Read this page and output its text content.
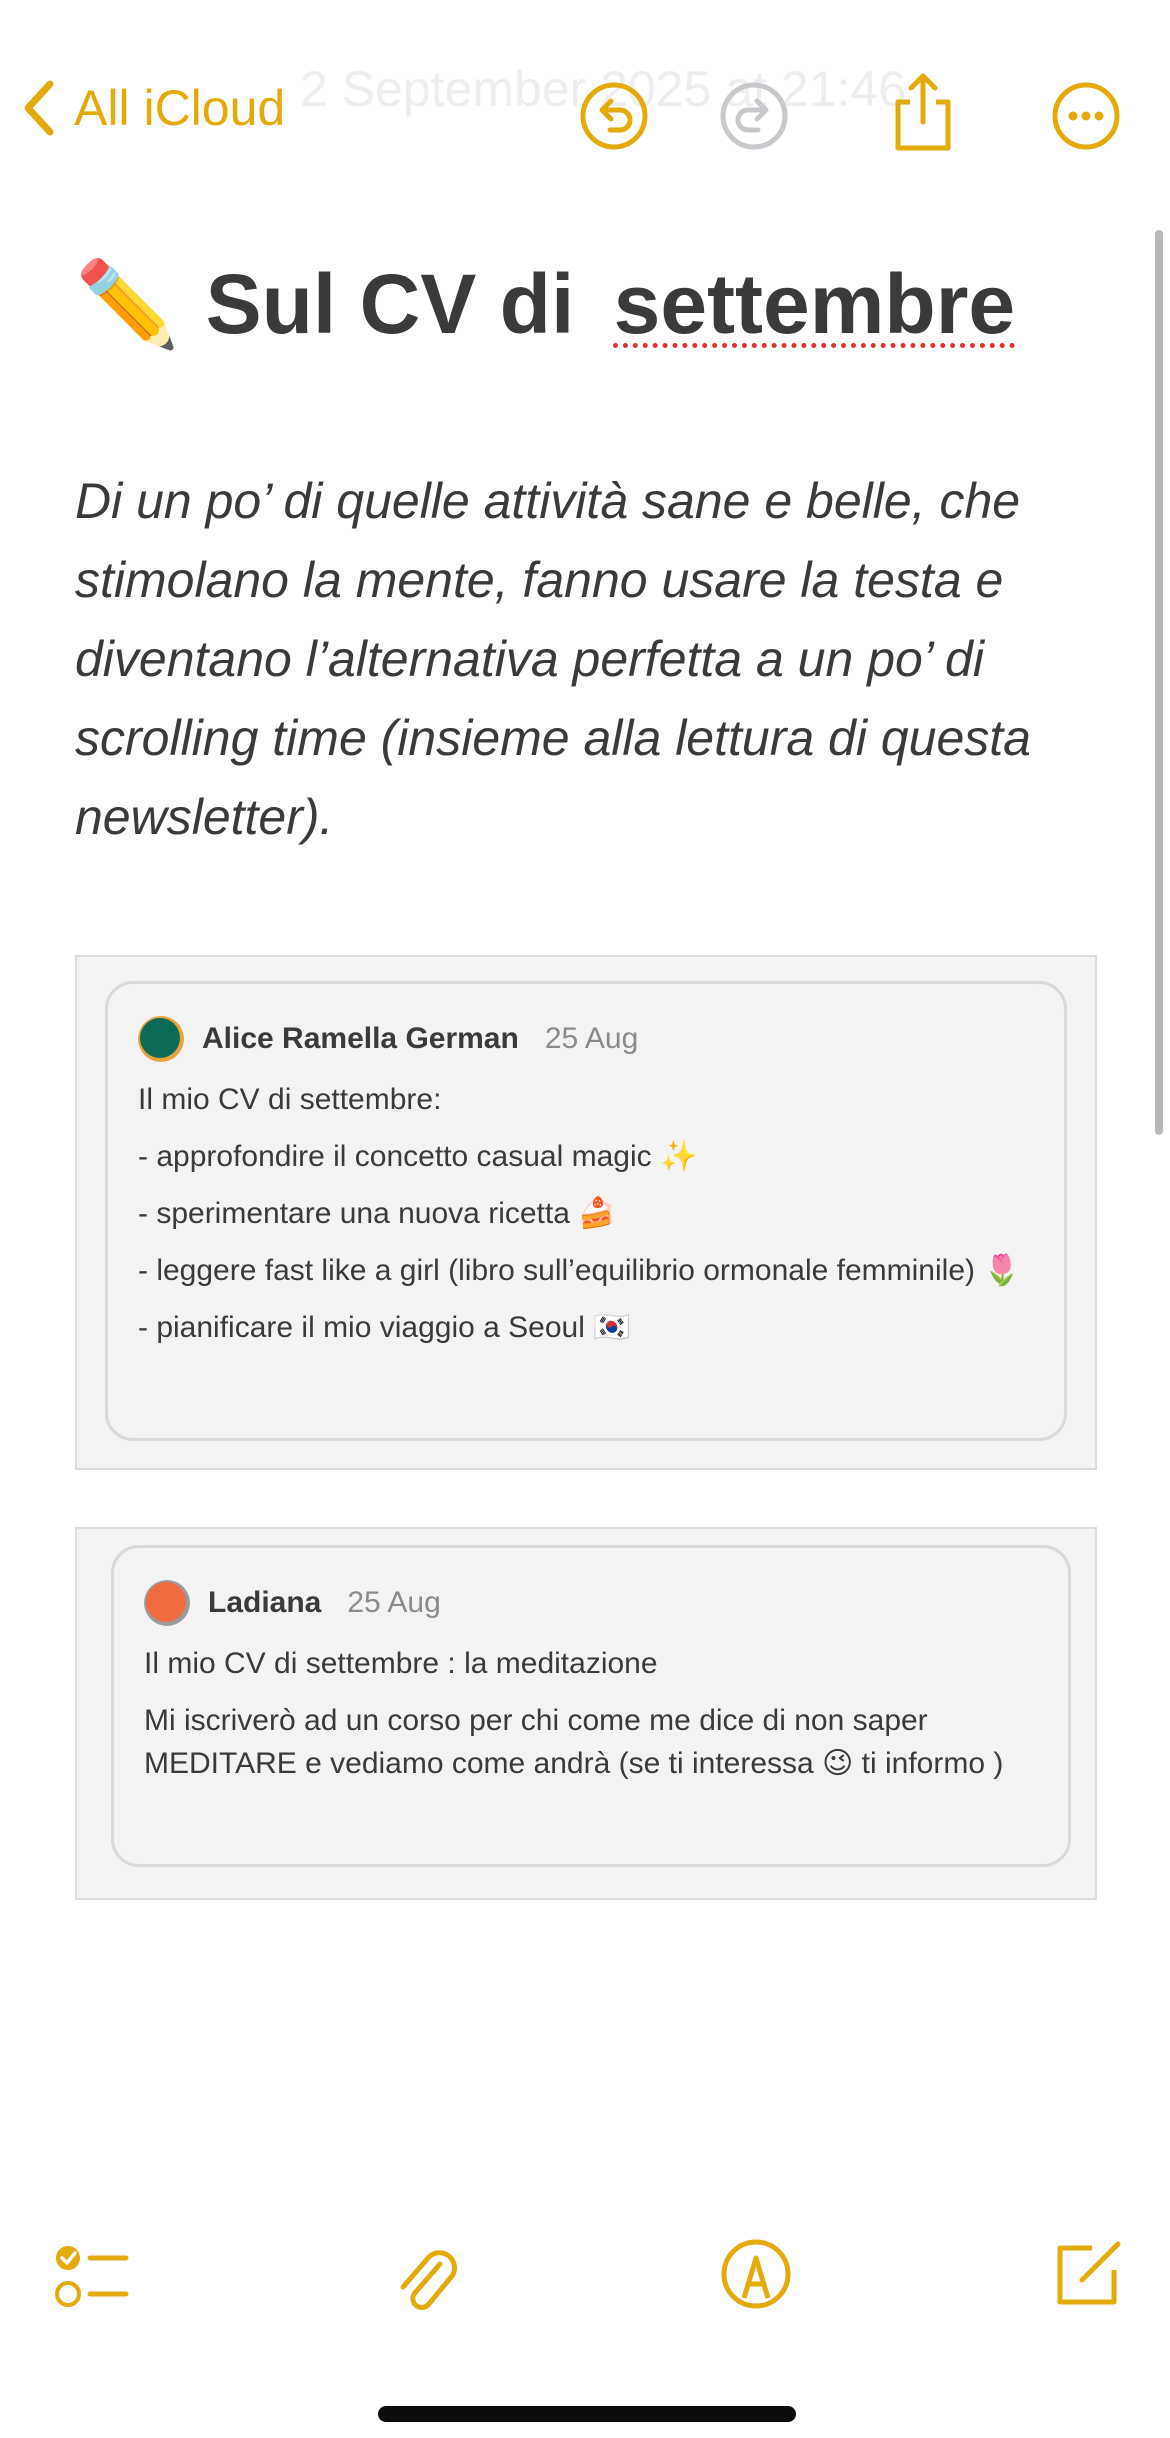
2 September 2025 at 21:46
All iCloud
✏️ Sul CV di settembre
Di un po’ di quelle attività sane e belle, che stimolano la mente, fanno usare la testa e diventano l’alternativa perfetta a un po’ di scrolling time (insieme alla lettura di questa newsletter).
Alice Ramella German 25 Aug
Il mio CV di settembre:
- approfondire il concetto casual magic ✨
- sperimentare una nuova ricetta 🍰
- leggere fast like a girl (libro sull’equilibrio ormonale femminile) 🌷
- pianificare il mio viaggio a Seoul 🇰🇷
Ladiana 25 Aug
Il mio CV di settembre : la meditazione
Mi iscriverò ad un corso per chi come me dice di non saper MEDITARE e vediamo come andrà (se ti interessa 😉 ti informo )
